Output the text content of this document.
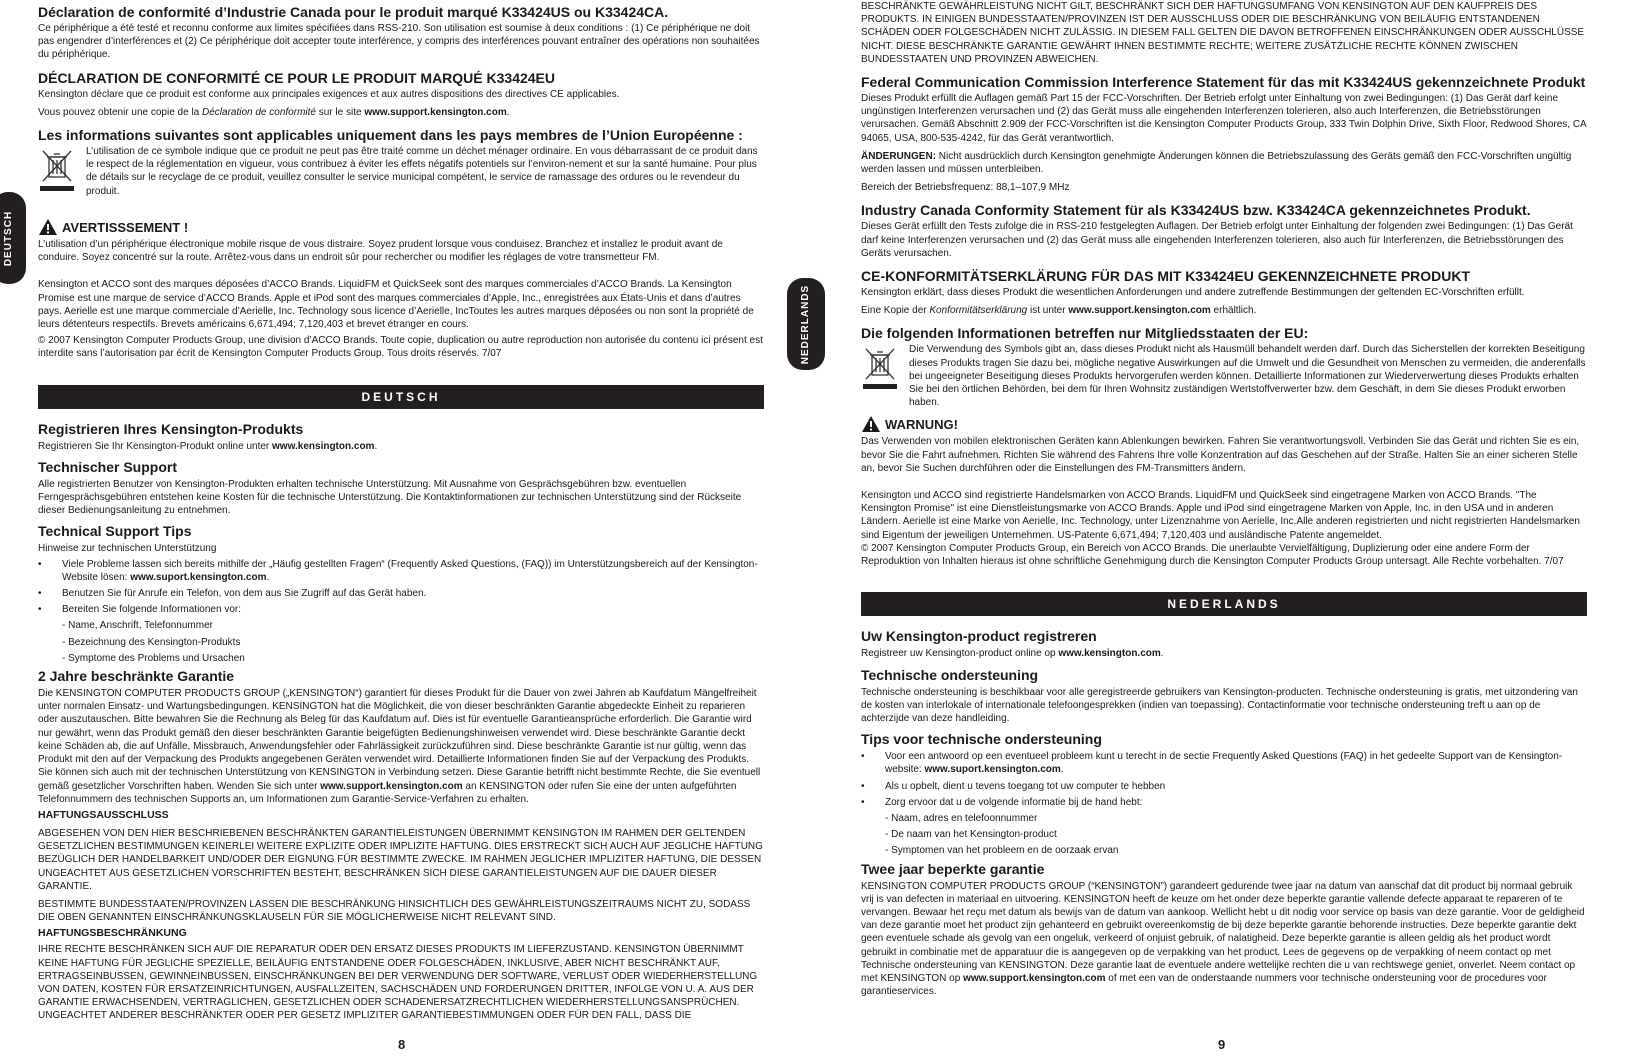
DEUTSCH
NEDERLANDS
Déclaration de conformité d’Industrie Canada pour le produit marqué K33424US ou K33424CA.

Ce périphérique a été testé et reconnu conforme aux limites spécifiées dans RSS-210. Son utilisation est soumise à deux conditions : (1) Ce périphérique ne doit pas engendrer d’interférences et (2) Ce périphérique doit accepter toute interférence, y compris des interférences pouvant entraîner des opérations non souhaitées du périphérique.

DÉCLARATION DE CONFORMITÉ CE POUR LE PRODUIT MARQUÉ K33424EU

Kensington déclare que ce produit est conforme aux principales exigences et aux autres dispositions des directives CE applicables.

Vous pouvez obtenir une copie de la Déclaration de conformité sur le site www.support.kensington.com.

Les informations suivantes sont applicables uniquement dans les pays membres de l’Union Européenne :

L’utilisation de ce symbole indique que ce produit ne peut pas être traité comme un déchet ménager ordinaire. En vous débarrassant de ce produit dans le respect de la réglementation en vigueur, vous contribuez à éviter les effets négatifs potentiels sur l’environ-nement et sur la santé humaine. Pour plus de détails sur le recyclage de ce produit, veuillez consulter le service municipal compétent, le service de ramassage des ordures ou le revendeur du produit.

AVERTISSSEMENT !

L’utilisation d’un périphérique électronique mobile risque de vous distraire. Soyez prudent lorsque vous conduisez. Branchez et installez le produit avant de conduire. Soyez concentré sur la route. Arrêtez-vous dans un endroit sûr pour rechercher ou modifier les réglages de votre transmetteur FM.

Kensington et ACCO sont des marques déposées d’ACCO Brands. LiquidFM et QuickSeek sont des marques commerciales d’ACCO Brands. La Kensington Promise est une marque de service d’ACCO Brands. Apple et iPod sont des marques commerciales d’Apple, Inc., enregistrées aux États-Unis et dans d’autres pays. Aerielle est une marque commerciale d’Aerielle, Inc. Technology sous licence d’Aerielle, IncToutes les autres marques déposées ou non sont la propriété de leurs détenteurs respectifs. Brevets américains 6,671,494; 7,120,403 et brevet étranger en cours.

© 2007 Kensington Computer Products Group, une division d’ACCO Brands. Toute copie, duplication ou autre reproduction non autorisée du contenu ici présent est interdite sans l’autorisation par écrit de Kensington Computer Products Group. Tous droits réservés. 7/07

DEUTSCH
Registrieren Ihres Kensington-Produkts

Registrieren Sie Ihr Kensington-Produkt online unter www.kensington.com.

Technischer Support

Alle registrierten Benutzer von Kensington-Produkten erhalten technische Unterstützung. Mit Ausnahme von Gesprächsgebühren bzw. eventuellen Ferngesprächsgebühren entstehen keine Kosten für die technische Unterstützung. Die Kontaktinformationen zur technischen Unterstützung sind der Rückseite dieser Bedienungsanleitung zu entnehmen.

Technical Support Tips

Hinweise zur technischen Unterstützung

• Viele Probleme lassen sich bereits mithilfe der „Häufig gestellten Fragen“ (Frequently Asked Questions, (FAQ)) im Unterstützungsbereich auf der Kensington-Website lösen: www.suport.kensington.com.
• Benutzen Sie für Anrufe ein Telefon, von dem aus Sie Zugriff auf das Gerät haben.
• Bereiten Sie folgende Informationen vor:
- Name, Anschrift, Telefonnummer
- Bezeichnung des Kensington-Produkts
- Symptome des Problems und Ursachen
2 Jahre beschränkte Garantie

Die KENSINGTON COMPUTER PRODUCTS GROUP („KENSINGTON“) garantiert für dieses Produkt für die Dauer von zwei Jahren ab Kaufdatum Mängelfreiheit unter normalen Einsatz- und Wartungsbedingungen. KENSINGTON hat die Möglichkeit, die von dieser beschränkten Garantie abgedeckte Einheit zu reparieren oder auszutauschen. Bitte bewahren Sie die Rechnung als Beleg für das Kaufdatum auf. Dies ist für eventuelle Garantieansprüche erforderlich. Die Garantie wird nur gewährt, wenn das Produkt gemäß den dieser beschränkten Garantie beigefügten Bedienungshinweisen verwendet wird. Diese beschränkte Garantie deckt keine Schäden ab, die auf Unfälle, Missbrauch, Anwendungsfehler oder Fahrlässigkeit zurückzuführen sind. Diese beschränkte Garantie ist nur gültig, wenn das Produkt mit den auf der Verpackung des Produkts angegebenen Geräten verwendet wird. Detaillierte Informationen finden Sie auf der Verpackung des Produkts. Sie können sich auch mit der technischen Unterstützung von KENSINGTON in Verbindung setzen. Diese Garantie betrifft nicht bestimmte Rechte, die Sie eventuell gemäß gesetzlicher Vorschriften haben. Wenden Sie sich unter www.support.kensington.com an KENSINGTON oder rufen Sie eine der unten aufgeführten Telefonnummern des technischen Supports an, um Informationen zum Garantie-Service-Verfahren zu erhalten.

HAFTUNGSAUSSCHLUSS

ABGESEHEN VON DEN HIER BESCHRIEBENEN BESCHRÄNKTEN GARANTIELEISTUNGEN ÜBERNIMMT KENSINGTON IM RAHMEN DER GELTENDEN GESETZLICHEN BESTIMMUNGEN KEINERLEI WEITERE EXPLIZITE ODER IMPLIZITE HAFTUNG. DIES ERSTRECKT SICH AUCH AUF JEGLICHE HAFTUNG BEZÜGLICH DER HANDELBARKEIT UND/ODER DER EIGNUNG FÜR BESTIMMTE ZWECKE. IM RAHMEN JEGLICHER IMPLIZITER HAFTUNG, DIE DESSEN UNGEACHTET AUS GESETZLICHEN VORSCHRIFTEN BESTEHT, BESCHRÄNKEN SICH DIESE GARANTIELEISTUNGEN AUF DIE DAUER DIESER GARANTIE.

BESTIMMTE BUNDESSTAATEN/PROVINZEN LASSEN DIE BESCHRÄNKUNG HINSICHTLICH DES GEWÄHRLEISTUNGSZEITRAUMS NICHT ZU, SODASS DIE OBEN GENANNTEN EINSCHRÄNKUNGSKLAUSELN FÜR SIE MÖGLICHERWEISE NICHT RELEVANT SIND.

HAFTUNGSBESCHRÄNKUNG

IHRE RECHTE BESCHRÄNKEN SICH AUF DIE REPARATUR ODER DEN ERSATZ DIESES PRODUKTS IM LIEFERZUSTAND. KENSINGTON ÜBERNIMMT KEINE HAFTUNG FÜR JEGLICHE SPEZIELLE, BEILÄUFIG ENTSTANDENE ODER FOLGESCHÄDEN, INKLUSIVE, ABER NICHT BESCHRÄNKT AUF, ERTRAGSEINBUSSEN, GEWINNEINBUSSEN, EINSCHRÄNKUNGEN BEI DER VERWENDUNG DER SOFTWARE, VERLUST ODER WIEDERHERSTELLUNG VON DATEN, KOSTEN FÜR ERSATZEINRICHTUNGEN, AUSFALLZEITEN, SACHSCHÄDEN UND FORDERUNGEN DRITTER, INFOLGE VON U. A. AUS DER GARANTIE ERWACHSENDEN, VERTRAGLICHEN, GESETZLICHEN ODER SCHADENERSATZRECHTLICHEN WIEDERHERSTELLUNGSANSPRÜCHEN. UNGEACHTET ANDERER BESCHRÄNKTER ODER PER GESETZ IMPLIZITER GARANTIEBESTIMMUNGEN ODER FÜR DEN FALL, DASS DIE

8

BESCHRÄNKTE GEWÄHRLEISTUNG NICHT GILT, BESCHRÄNKT SICH DER HAFTUNGSUMFANG VON KENSINGTON AUF DEN KAUFPREIS DES PRODUKTS. IN EINIGEN BUNDESSTAATEN/PROVINZEN IST DER AUSSCHLUSS ODER DIE BESCHRÄNKUNG VON BEILÄUFIG ENTSTANDENEN SCHÄDEN ODER FOLGESCHÄDEN NICHT ZULÄSSIG. IN DIESEM FALL GELTEN DIE DAVON BETROFFENEN EINSCHRÄNKUNGEN ODER AUSSCHLÜSSE NICHT. DIESE BESCHRÄNKTE GARANTIE GEWÄHRT IHNEN BESTIMMTE RECHTE; WEITERE ZUSÄTZLICHE RECHTE KÖNNEN ZWISCHEN BUNDESSTAATEN UND PROVINZEN ABWEICHEN.

Federal Communication Commission Interference Statement für das mit K33424US gekennzeichnete Produkt

Dieses Produkt erfüllt die Auflagen gemäß Part 15 der FCC-Vorschriften. Der Betrieb erfolgt unter Einhaltung von zwei Bedingungen: (1) Das Gerät darf keine ungünstigen Interferenzen verursachen und (2) das Gerät muss alle eingehenden Interferenzen tolerieren, also auch Interferenzen, die Betriebsstörungen verursachen. Gemäß Abschnitt 2.909 der FCC-Vorschriften ist die Kensington Computer Products Group, 333 Twin Dolphin Drive, Sixth Floor, Redwood Shores, CA 94065, USA, 800-535-4242, für das Gerät verantwortlich.

ÄNDERUNGEN: Nicht ausdrücklich durch Kensington genehmigte Änderungen können die Betriebszulassung des Geräts gemäß den FCC-Vorschriften ungültig werden lassen und müssen unterbleiben.

Bereich der Betriebsfrequenz: 88,1–107,9 MHz

Industry Canada Conformity Statement für als K33424US bzw. K33424CA gekennzeichnetes Produkt.

Dieses Gerät erfüllt den Tests zufolge die in RSS-210 festgelegten Auflagen. Der Betrieb erfolgt unter Einhaltung der folgenden zwei Bedingungen: (1) Das Gerät darf keine Interferenzen verursachen und (2) das Gerät muss alle eingehenden Interferenzen tolerieren, also auch für Interferenzen, die Betriebsstörungen des Geräts verursachen.

CE-KONFORMITÄTSERKLÄRUNG FÜR DAS MIT K33424EU GEKENNZEICHNETE PRODUKT

Kensington erklärt, dass dieses Produkt die wesentlichen Anforderungen und andere zutreffende Bestimmungen der geltenden EC-Vorschriften erfüllt.

Eine Kopie der Konformitätserklärung ist unter www.support.kensington.com erhältlich.

Die folgenden Informationen betreffen nur Mitgliedsstaaten der EU:

Die Verwendung des Symbols gibt an, dass dieses Produkt nicht als Hausmüll behandelt werden darf. Durch das Sicherstellen der korrekten Beseitigung dieses Produkts tragen Sie dazu bei, mögliche negative Auswirkungen auf die Umwelt und die Gesundheit von Menschen zu vermeiden, die anderenfalls bei ungeeigneter Beseitigung dieses Produkts hervorgerufen werden können. Detaillierte Informationen zur Wiederverwertung dieses Produkts erhalten Sie bei den örtlichen Behörden, bei dem für Ihren Wohnsitz zuständigen Wertstoffverwerter bzw. dem Geschäft, in dem Sie dieses Produkt erworben haben.

WARNUNG!

Das Verwenden von mobilen elektronischen Geräten kann Ablenkungen bewirken. Fahren Sie verantwortungsvoll. Verbinden Sie das Gerät und richten Sie es ein, bevor Sie die Fahrt aufnehmen. Richten Sie während des Fahrens Ihre volle Konzentration auf das Geschehen auf der Straße. Halten Sie an einer sicheren Stelle an, bevor Sie Suchen durchführen oder die Einstellungen des FM-Transmitters ändern.

Kensington und ACCO sind registrierte Handelsmarken von ACCO Brands. LiquidFM und QuickSeek sind eingetragene Marken von ACCO Brands. "The Kensington Promise" ist eine Dienstleistungsmarke von ACCO Brands. Apple und iPod sind eingetragene Marken von Apple, Inc. in den USA und in anderen Ländern. Aerielle ist eine Marke von Aerielle, Inc. Technology, unter Lizenznahme von Aerielle, Inc.Alle anderen registrierten und nicht registrierten Handelsmarken sind Eigentum der jeweiligen Unternehmen. US-Patente 6,671,494; 7,120,403 und ausländische Patente angemeldet.

© 2007 Kensington Computer Products Group, ein Bereich von ACCO Brands. Die unerlaubte Vervielfältigung, Duplizierung oder eine andere Form der Reproduktion von Inhalten hieraus ist ohne schriftliche Genehmigung durch die Kensington Computer Products Group untersagt. Alle Rechte vorbehalten. 7/07

NEDERLANDS
Uw Kensington-product registreren

Registreer uw Kensington-product online op www.kensington.com.

Technische ondersteuning

Technische ondersteuning is beschikbaar voor alle geregistreerde gebruikers van Kensington-producten. Technische ondersteuning is gratis, met uitzondering van de kosten van interlokale of internationale telefoongesprekken (indien van toepassing). Contactinformatie voor technische ondersteuning treft u aan op de achterzijde van deze handleiding.

Tips voor technische ondersteuning
• Voor een antwoord op een eventueel probleem kunt u terecht in de sectie Frequently Asked Questions (FAQ) in het gedeelte Support van de Kensington-website: www.suport.kensington.com.
• Als u opbelt, dient u tevens toegang tot uw computer te hebben
• Zorg ervoor dat u de volgende informatie bij de hand hebt:
- Naam, adres en telefoonnummer
- De naam van het Kensington-product
- Symptomen van het probleem en de oorzaak ervan
Twee jaar beperkte garantie

KENSINGTON COMPUTER PRODUCTS GROUP (“KENSINGTON”) garandeert gedurende twee jaar na datum van aanschaf dat dit product bij normaal gebruik vrij is van defecten in materiaal en uitvoering. KENSINGTON heeft de keuze om het onder deze beperkte garantie vallende defecte apparaat te repareren of te vervangen. Bewaar het reçu met datum als bewijs van de datum van aankoop. Wellicht hebt u dit nodig voor service op basis van deze garantie. Voor de geldigheid van deze garantie moet het product zijn gehanteerd en gebruikt overeenkomstig de bij deze beperkte garantie behorende instructies. Deze beperkte garantie dekt geen eventuele schade als gevolg van een ongeluk, verkeerd of onjuist gebruik, of nalatigheid. Deze beperkte garantie is alleen geldig als het product wordt gebruikt in combinatie met de apparatuur die is aangegeven op de verpakking van het product. Lees de gegevens op de verpakking of neem contact op met Technische ondersteuning van KENSINGTON. Deze garantie laat de eventuele andere wettelijke rechten die u van rechtswege geniet, onverlet. Neem contact op met KENSINGTON op www.support.kensington.com of met een van de onderstaande nummers voor technische ondersteuning voor de procedures voor garantieservices.

9
